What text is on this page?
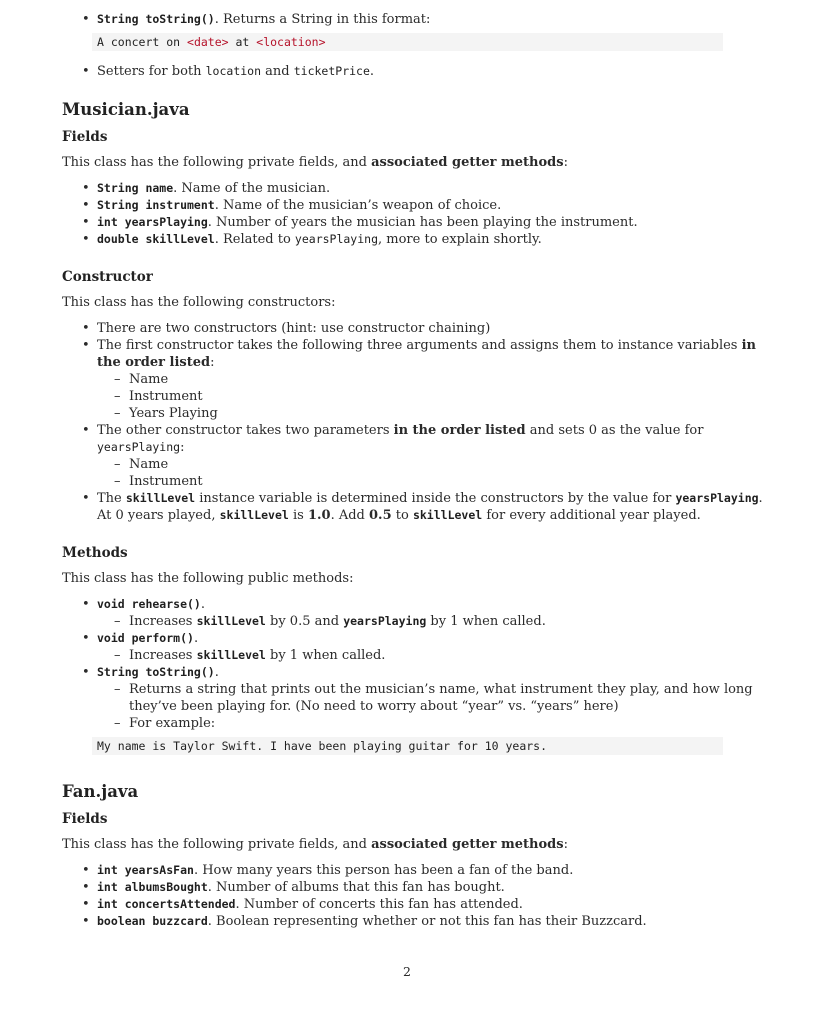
• String toString(). Returns a String in this format:
A concert on <date> at <location>
• Setters for both location and ticketPrice.
Musician.java
Fields

This class has the following private fields, and associated getter methods:

• String name. Name of the musician.
• String instrument. Name of the musician’s weapon of choice.
• int yearsPlaying. Number of years the musician has been playing the instrument.
• double skillLevel. Related to yearsPlaying, more to explain shortly.
Constructor

This class has the following constructors:

• There are two constructors (hint: use constructor chaining)
• The first constructor takes the following three arguments and assigns them to instance variables in the order listed:
– Name
– Instrument
– Years Playing
• The other constructor takes two parameters in the order listed and sets 0 as the value for yearsPlaying:
– Name
– Instrument
• The skillLevel instance variable is determined inside the constructors by the value for yearsPlaying.
At 0 years played, skillLevel is 1.0. Add 0.5 to skillLevel for every additional year played.
Methods

This class has the following public methods:

• void rehearse().
– Increases skillLevel by 0.5 and yearsPlaying by 1 when called.
• void perform().
– Increases skillLevel by 1 when called.
• String toString().
– Returns a string that prints out the musician’s name, what instrument they play, and how long
they’ve been playing for. (No need to worry about “year” vs. “years” here)
– For example:
My name is Taylor Swift. I have been playing guitar for 10 years.
Fan.java
Fields

This class has the following private fields, and associated getter methods:

• int yearsAsFan. How many years this person has been a fan of the band.
• int albumsBought. Number of albums that this fan has bought.
• int concertsAttended. Number of concerts this fan has attended.
• boolean buzzcard. Boolean representing whether or not this fan has their Buzzcard.
2
